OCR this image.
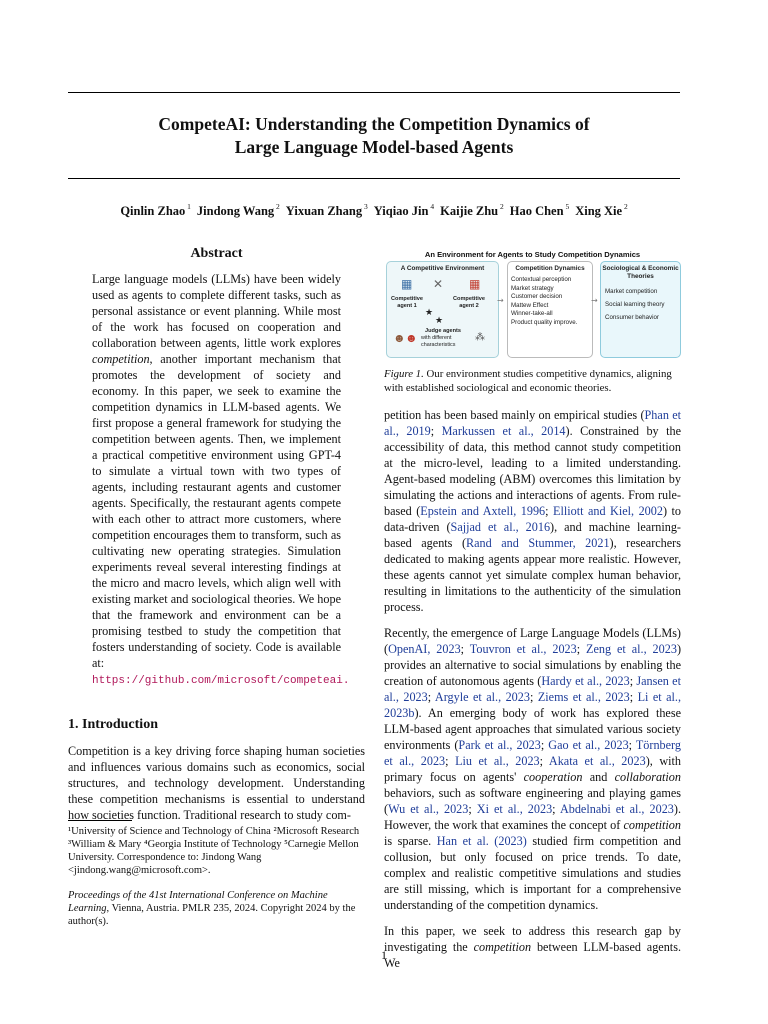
CompeteAI: Understanding the Competition Dynamics of
Large Language Model-based Agents
Qinlin Zhao $^1$ Jindong Wang $^2$ Yixuan Zhang $^3$ Yiqiao Jin $^4$ Kaijie Zhu $^2$ Hao Chen $^5$ Xing Xie $^2$
Abstract

Large language models (LLMs) have been widely used as agents to complete different tasks, such as personal assistance or event planning. While most of the work has focused on cooperation and collaboration between agents, little work explores competition, another important mechanism that promotes the development of society and economy. In this paper, we seek to examine the competition dynamics in LLM-based agents. We first propose a general framework for studying the competition between agents. Then, we implement a practical competitive environment using GPT-4 to simulate a virtual town with two types of agents, including restaurant agents and customer agents. Specifically, the restaurant agents compete with each other to attract more customers, where competition encourages them to transform, such as cultivating new operating strategies. Simulation experiments reveal several interesting findings at the micro and macro levels, which align well with existing market and sociological theories. We hope that the framework and environment can be a promising testbed to study the competition that fosters understanding of society. Code is available at: https://github.com/microsoft/competeai.

1. Introduction

Competition is a key driving force shaping human societies and influences various domains such as economics, social structures, and technology development. Understanding these competition mechanisms is essential to understand how societies function. Traditional research to study com-

¹University of Science and Technology of China ²Microsoft Research ³William & Mary ⁴Georgia Institute of Technology ⁵Carnegie Mellon University. Correspondence to: Jindong Wang <jindong.wang@microsoft.com>.
Proceedings of the 41st International Conference on Machine Learning, Vienna, Austria. PMLR 235, 2024. Copyright 2024 by the author(s).
An Environment for Agents to Study Competition Dynamics
A Competitive Environment
▦ ✕ ▦
Competitive agent 1
Competitive agent 2
★
★
☻ ☻	Judge agents
with different characteristics
⁂
→
Competition Dynamics
Contextual perception
Market strategy
Customer decision
Mattew Effect
Winner-take-all
Product quality improve.
→
Sociological & Economic Theories
Market competition
Social learning theory
Consumer behavior
Figure 1. Our environment studies competitive dynamics, aligning with established sociological and economic theories.

petition has been based mainly on empirical studies (Phan et al., 2019; Markussen et al., 2014). Constrained by the accessibility of data, this method cannot study competition at the micro-level, leading to a limited understanding. Agent-based modeling (ABM) overcomes this limitation by simulating the actions and interactions of agents. From rule-based (Epstein and Axtell, 1996; Elliott and Kiel, 2002) to data-driven (Sajjad et al., 2016), and machine learning-based agents (Rand and Stummer, 2021), researchers dedicated to making agents appear more realistic. However, these agents cannot yet simulate complex human behavior, resulting in limitations to the authenticity of the simulation process.

Recently, the emergence of Large Language Models (LLMs) (OpenAI, 2023; Touvron et al., 2023; Zeng et al., 2023) provides an alternative to social simulations by enabling the creation of autonomous agents (Hardy et al., 2023; Jansen et al., 2023; Argyle et al., 2023; Ziems et al., 2023; Li et al., 2023b). An emerging body of work has explored these LLM-based agent approaches that simulated various society environments (Park et al., 2023; Gao et al., 2023; Törnberg et al., 2023; Liu et al., 2023; Akata et al., 2023), with primary focus on agents' cooperation and collaboration behaviors, such as software engineering and playing games (Wu et al., 2023; Xi et al., 2023; Abdelnabi et al., 2023). However, the work that examines the concept of competition is sparse. Han et al. (2023) studied firm competition and collusion, but only focused on price trends. To date, complex and realistic competitive simulations and studies are still missing, which is important for a comprehensive understanding of the competition dynamics.

In this paper, we seek to address this research gap by investigating the competition between LLM-based agents. We

1
